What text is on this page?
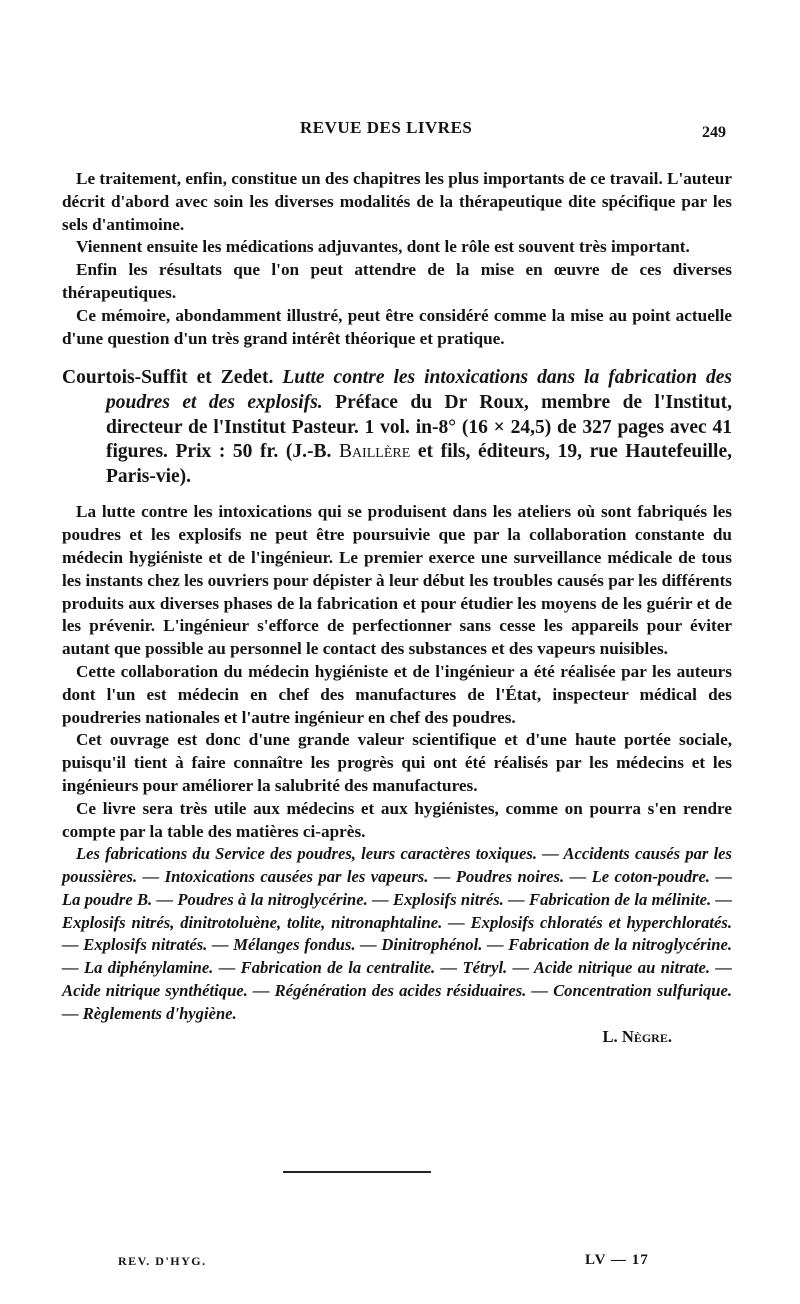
REVUE DES LIVRES	249

Le traitement, enfin, constitue un des chapitres les plus importants de ce travail. L'auteur décrit d'abord avec soin les diverses modalités de la thérapeutique dite spécifique par les sels d'antimoine.

Viennent ensuite les médications adjuvantes, dont le rôle est souvent très important.

Enfin les résultats que l'on peut attendre de la mise en œuvre de ces diverses thérapeutiques.

Ce mémoire, abondamment illustré, peut être considéré comme la mise au point actuelle d'une question d'un très grand intérêt théorique et pratique.

Courtois-Suffit et Zedet. Lutte contre les intoxications dans la fabrication des poudres et des explosifs. Préface du Dr Roux, membre de l'Institut, directeur de l'Institut Pasteur. 1 vol. in-8° (16 × 24,5) de 327 pages avec 41 figures. Prix : 50 fr. (J.-B. Baillère et fils, éditeurs, 19, rue Hautefeuille, Paris-vie).

La lutte contre les intoxications qui se produisent dans les ateliers où sont fabriqués les poudres et les explosifs ne peut être poursuivie que par la collaboration constante du médecin hygiéniste et de l'ingénieur. Le premier exerce une surveillance médicale de tous les instants chez les ouvriers pour dépister à leur début les troubles causés par les différents produits aux diverses phases de la fabrication et pour étudier les moyens de les guérir et de les prévenir. L'ingénieur s'efforce de perfectionner sans cesse les appareils pour éviter autant que possible au personnel le contact des substances et des vapeurs nuisibles.

Cette collaboration du médecin hygiéniste et de l'ingénieur a été réalisée par les auteurs dont l'un est médecin en chef des manufactures de l'État, inspecteur médical des poudreries nationales et l'autre ingénieur en chef des poudres.

Cet ouvrage est donc d'une grande valeur scientifique et d'une haute portée sociale, puisqu'il tient à faire connaître les progrès qui ont été réalisés par les médecins et les ingénieurs pour améliorer la salubrité des manufactures.

Ce livre sera très utile aux médecins et aux hygiénistes, comme on pourra s'en rendre compte par la table des matières ci-après.

Les fabrications du Service des poudres, leurs caractères toxiques. — Accidents causés par les poussières. — Intoxications causées par les vapeurs. — Poudres noires. — Le coton-poudre. — La poudre B. — Poudres à la nitroglycérine. — Explosifs nitrés. — Fabrication de la mélinite. — Explosifs nitrés, dinitrotoluène, tolite, nitronaphtaline. — Explosifs chloratés et hyperchloratés. — Explosifs nitratés. — Mélanges fondus. — Dinitrophénol. — Fabrication de la nitroglycérine. — La diphénylamine. — Fabrication de la centralite. — Tétryl. — Acide nitrique au nitrate. — Acide nitrique synthétique. — Régénération des acides résiduaires. — Concentration sulfurique. — Règlements d'hygiène.

L. Nègre.

REV. D'HYG.	LV — 17
